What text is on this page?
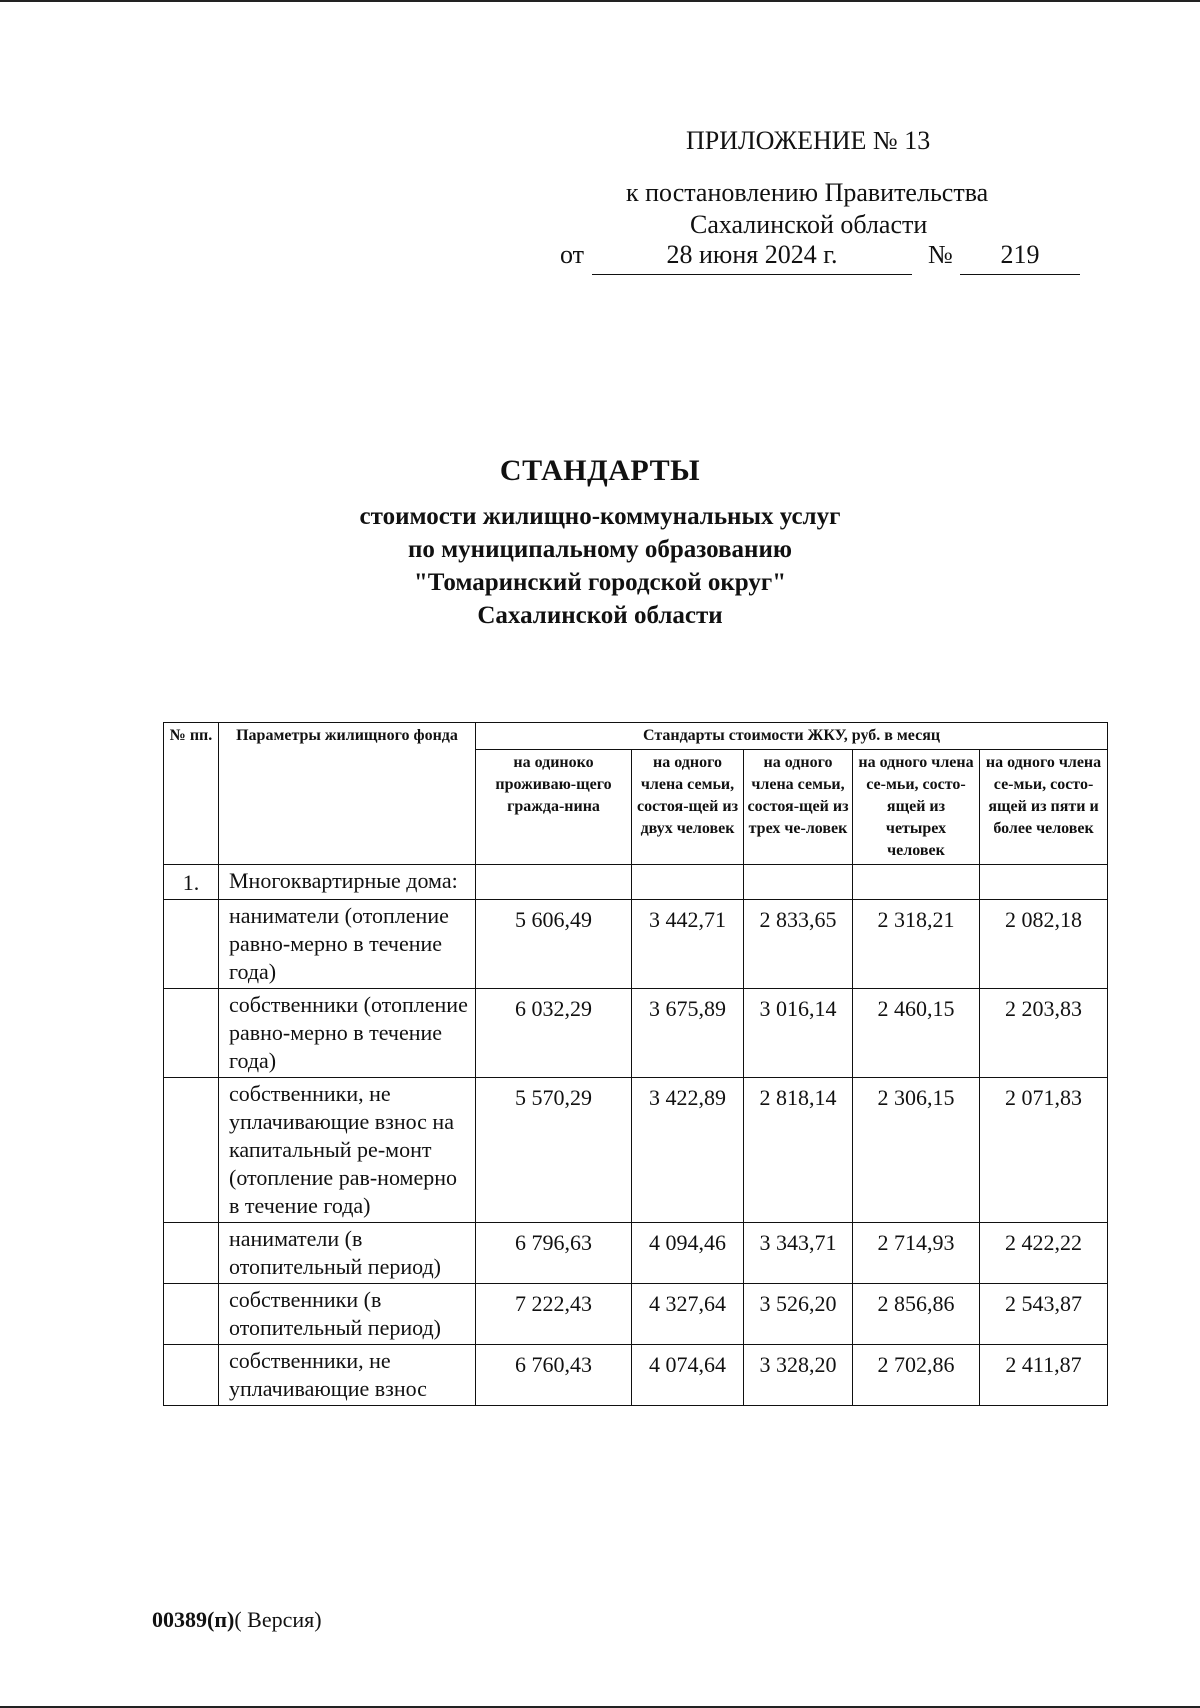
ПРИЛОЖЕНИЕ № 13
к постановлению Правительства
Сахалинской области
от	28 июня 2024 г.	№	219
СТАНДАРТЫ
стоимости жилищно-коммунальных услуг
по муниципальному образованию
"Томаринский городской округ"
Сахалинской области
№ пп.	Параметры жилищного фонда	Стандарты стоимости ЖКУ, руб. в месяц				
		на одиноко проживаю-щего гражда-нина	на одного члена семьи, состоя-щей из двух человек	на одного члена семьи, состоя-щей из трех че-ловек	на одного члена се-мьи, состо-ящей из четырех человек	на одного члена се-мьи, состо-ящей из пяти и более человек
1.	Многоквартирные дома:					
	наниматели (отопление равно-мерно в течение года)	5 606,49	3 442,71	2 833,65	2 318,21	2 082,18
	собственники (отопление равно-мерно в течение года)	6 032,29	3 675,89	3 016,14	2 460,15	2 203,83
	собственники, не уплачивающие взнос на капитальный ре-монт (отопление рав-номерно в течение года)	5 570,29	3 422,89	2 818,14	2 306,15	2 071,83
	наниматели (в отопительный период)	6 796,63	4 094,46	3 343,71	2 714,93	2 422,22
	собственники (в отопительный период)	7 222,43	4 327,64	3 526,20	2 856,86	2 543,87
	собственники, не уплачивающие взнос	6 760,43	4 074,64	3 328,20	2 702,86	2 411,87
00389(п)( Версия)
